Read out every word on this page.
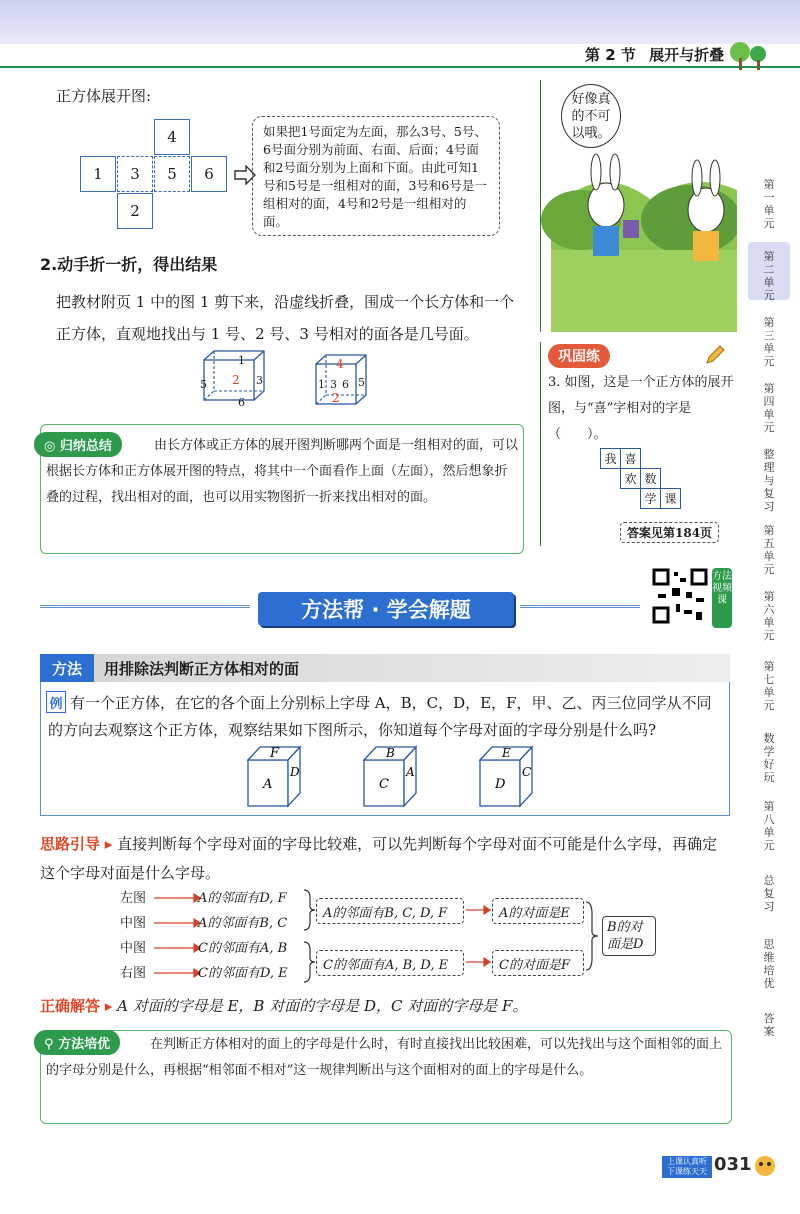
第 2 节 展开与折叠
第一单元
第二单元
第三单元
第四单元
整理与复习
第五单元
第六单元
第七单元
数学好玩
第八单元
总复习
思维培优
答案
正方体展开图:
1	3	5	6
4
2
如果把1号面定为左面，那么3号、5号、6号面分别为前面、右面、后面；4号面和2号面分别为上面和下面。由此可知1号和5号是一组相对的面，3号和6号是一组相对的面，4号和2号是一组相对的面。
2.动手折一折，得出结果
把教材附页 1 中的图 1 剪下来，沿虚线折叠，围成一个长方体和一个正方体，直观地找出与 1 号、2 号、3 号相对的面各是几号面。
1
2 3
5
6
4
1 3 6 5
2
◎ 归纳总结	由长方体或正方体的展开图判断哪两个面是一组相对的面，可以根据长方体和正方体展开图的特点，将其中一个面看作上面（左面），然后想象折叠的过程，找出相对的面，也可以用实物图折一折来找出相对的面。
好像真的不可以哦。
巩固练
3. 如图，这是一个正方体的展开图，与“喜”字相对的字是（　　）。
我 喜
欢 数
学 课
答案见第184页
方法帮 · 学会解题
方法视频课
方法	用排除法判断正方体相对的面
有一个正方体，在它的各个面上分别标上字母 A，B，C，D，E，F，甲、乙、丙三位同学从不同的方向去观察这个正方体，观察结果如下图所示，你知道每个字母对面的字母分别是什么吗?
例
F
A
D
B
C
A
E
D
C
思路引导 ▸ 直接判断每个字母对面的字母比较难，可以先判断每个字母对面不可能是什么字母，再确定这个字母对面是什么字母。
左图
中图
中图
右图
A的邻面有D, F
A的邻面有B, C
C的邻面有A, B
C的邻面有D, E
A的邻面有B, C, D, F
C的邻面有A, B, D, E
A的对面是E
C的对面是F
B的对面是D
正确解答 ▸ A 对面的字母是 E，B 对面的字母是 D，C 对面的字母是 F。
⚲ 方法培优	在判断正方体相对的面上的字母是什么时，有时直接找出比较困难，可以先找出与这个面相邻的面上的字母分别是什么，再根据“相邻面不相对”这一规律判断出与这个面相对的面上的字母是什么。
上课认真听
下课练天天 031
